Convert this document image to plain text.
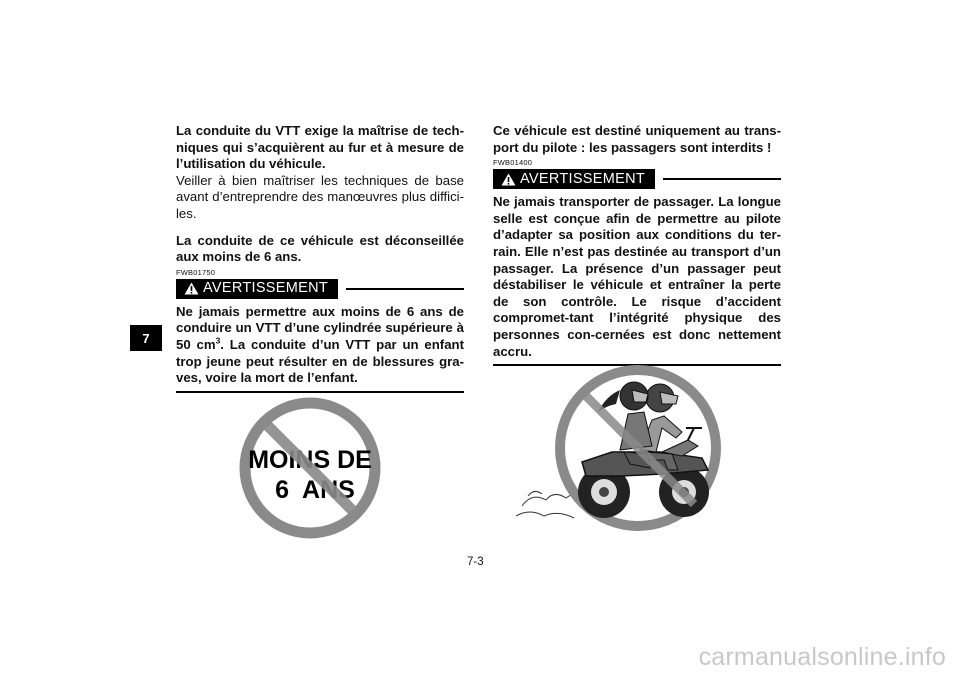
7

La conduite du VTT exige la maîtrise de tech-niques qui s’acquièrent au fur et à mesure de l’utilisation du véhicule.

Veiller à bien maîtriser les techniques de base avant d’entreprendre des manœuvres plus diffici-les.

La conduite de ce véhicule est déconseillée aux moins de 6 ans.

FWB01750

AVERTISSEMENT

Ne jamais permettre aux moins de 6 ans de conduire un VTT d’une cylindrée supérieure à 50 $cm^3$. La conduite d’un VTT par un enfant trop jeune peut résulter en de blessures gra-ves, voire la mort de l’enfant.

Ce véhicule est destiné uniquement au trans-port du pilote : les passagers sont interdits !

FWB01400

AVERTISSEMENT

Ne jamais transporter de passager. La longue selle est conçue afin de permettre au pilote d’adapter sa position aux conditions du ter-rain. Elle n’est pas destinée au transport d’un passager. La présence d’un passager peut déstabiliser le véhicule et entraîner la perte de son contrôle. Le risque d’accident compromet-tant l’intégrité physique des personnes con-cernées est donc nettement accru.

MOINS DE
6  ANS
7-3
carmanualsonline.info
